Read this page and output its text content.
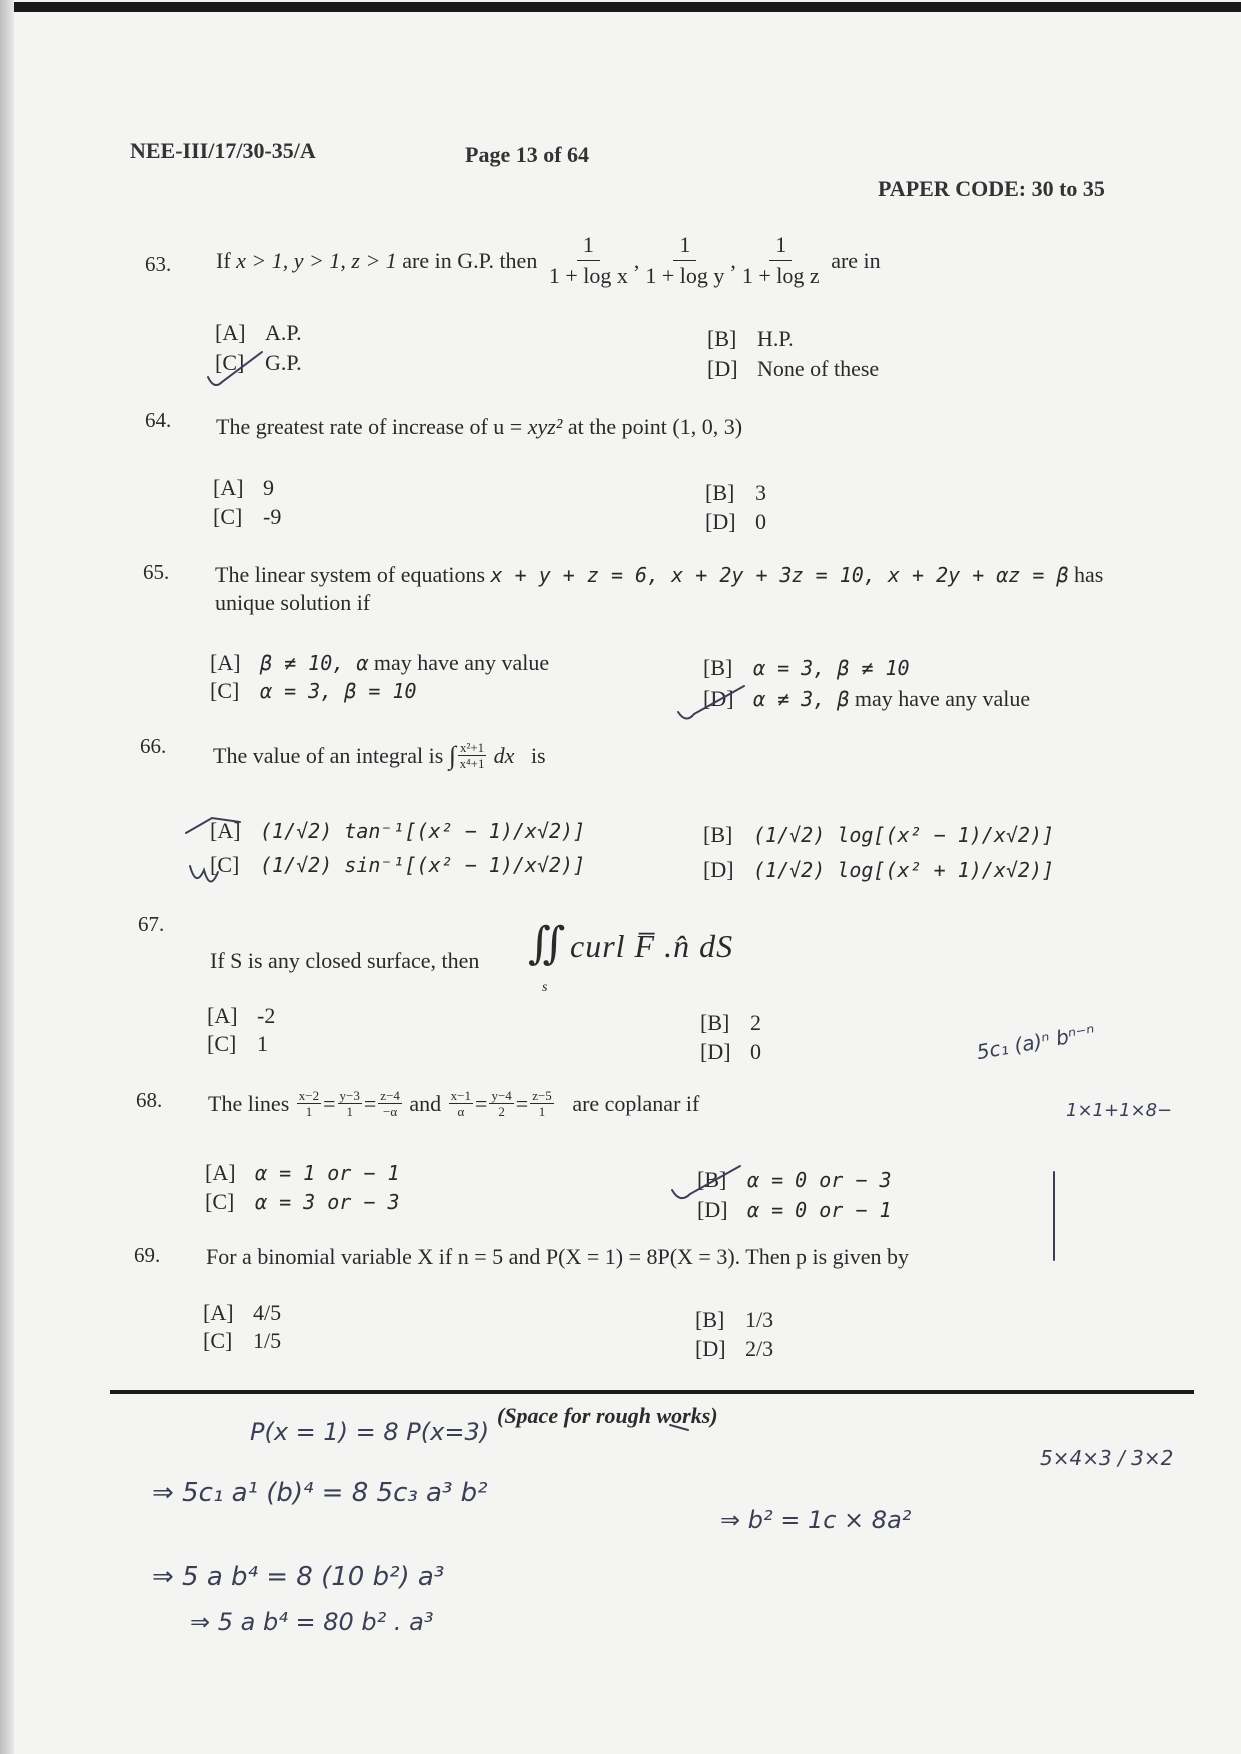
NEE-III/17/30-35/A	Page 13 of 64
PAPER CODE: 30 to 35
63. If
x > 1, y > 1, z > 1
are in G.P. then
$\frac{1}{\text{1 + log x}}$ , $\frac{1}{\text{1 + log y}}$ , $\frac{1}{\text{1 + log z}}$
are in
[A] A.P.	[B] H.P.
[C] G.P.	[D] None of these
64. The greatest rate of increase of u = xyz² at the point (1, 0, 3)
[A] 9	[B] 3
[C] -9	[D] 0
65. The linear system of equations x + y + z = 6, x + 2y + 3z = 10, x + 2y + αz = β has
unique solution if
[A] β ≠ 10, α may have any value	[B] α = 3, β ≠ 10
[C] α = 3, β = 10	[D] α ≠ 3, β may have any value
66. The value of an integral is
∫ $\frac{\text{x²+1}}{\text{x⁴+1}}$
dx
is
[A] (1/√2) tan⁻¹[(x² − 1)/x√2)]	[B] (1/√2) log[(x² − 1)/x√2)]
[C] (1/√2) sin⁻¹[(x² − 1)/x√2)]	[D] (1/√2) log[(x² + 1)/x√2)]
67.
If S is any closed surface, then ∬
s
curl F̅ .n̂ dS
[A] -2	[B] 2
[C] 1	[D] 0
68. The lines
$\frac{x-2}{1} = \frac{y-3}{1} = \frac{z-4}{-\alpha}$
and
$\frac{x-1}{\alpha} = \frac{y-4}{2} = \frac{z-5}{1}$
are coplanar if
[A] α = 1 or − 1	[B] α = 0 or − 3
[C] α = 3 or − 3	[D] α = 0 or − 1
69. For a binomial variable X if n = 5 and P(X = 1) = 8P(X = 3). Then p is given by
[A] 4/5	[B] 1/3
[C] 1/5	[D] 2/3
(Space for rough works)
P(x = 1) = 8 P(x=3)
⇒ 5c₁ a¹ (b)⁴ = 8 5c₃ a³ b²
⇒ b² = 1c × 8a²
⇒ 5 a b⁴ = 8 (10 b²) a³
⇒ 5 a b⁴ = 80 b² . a³
5×4×3 / 3×2
5c₁ (a)ⁿ bⁿ⁻ⁿ
1×1+1×8−
